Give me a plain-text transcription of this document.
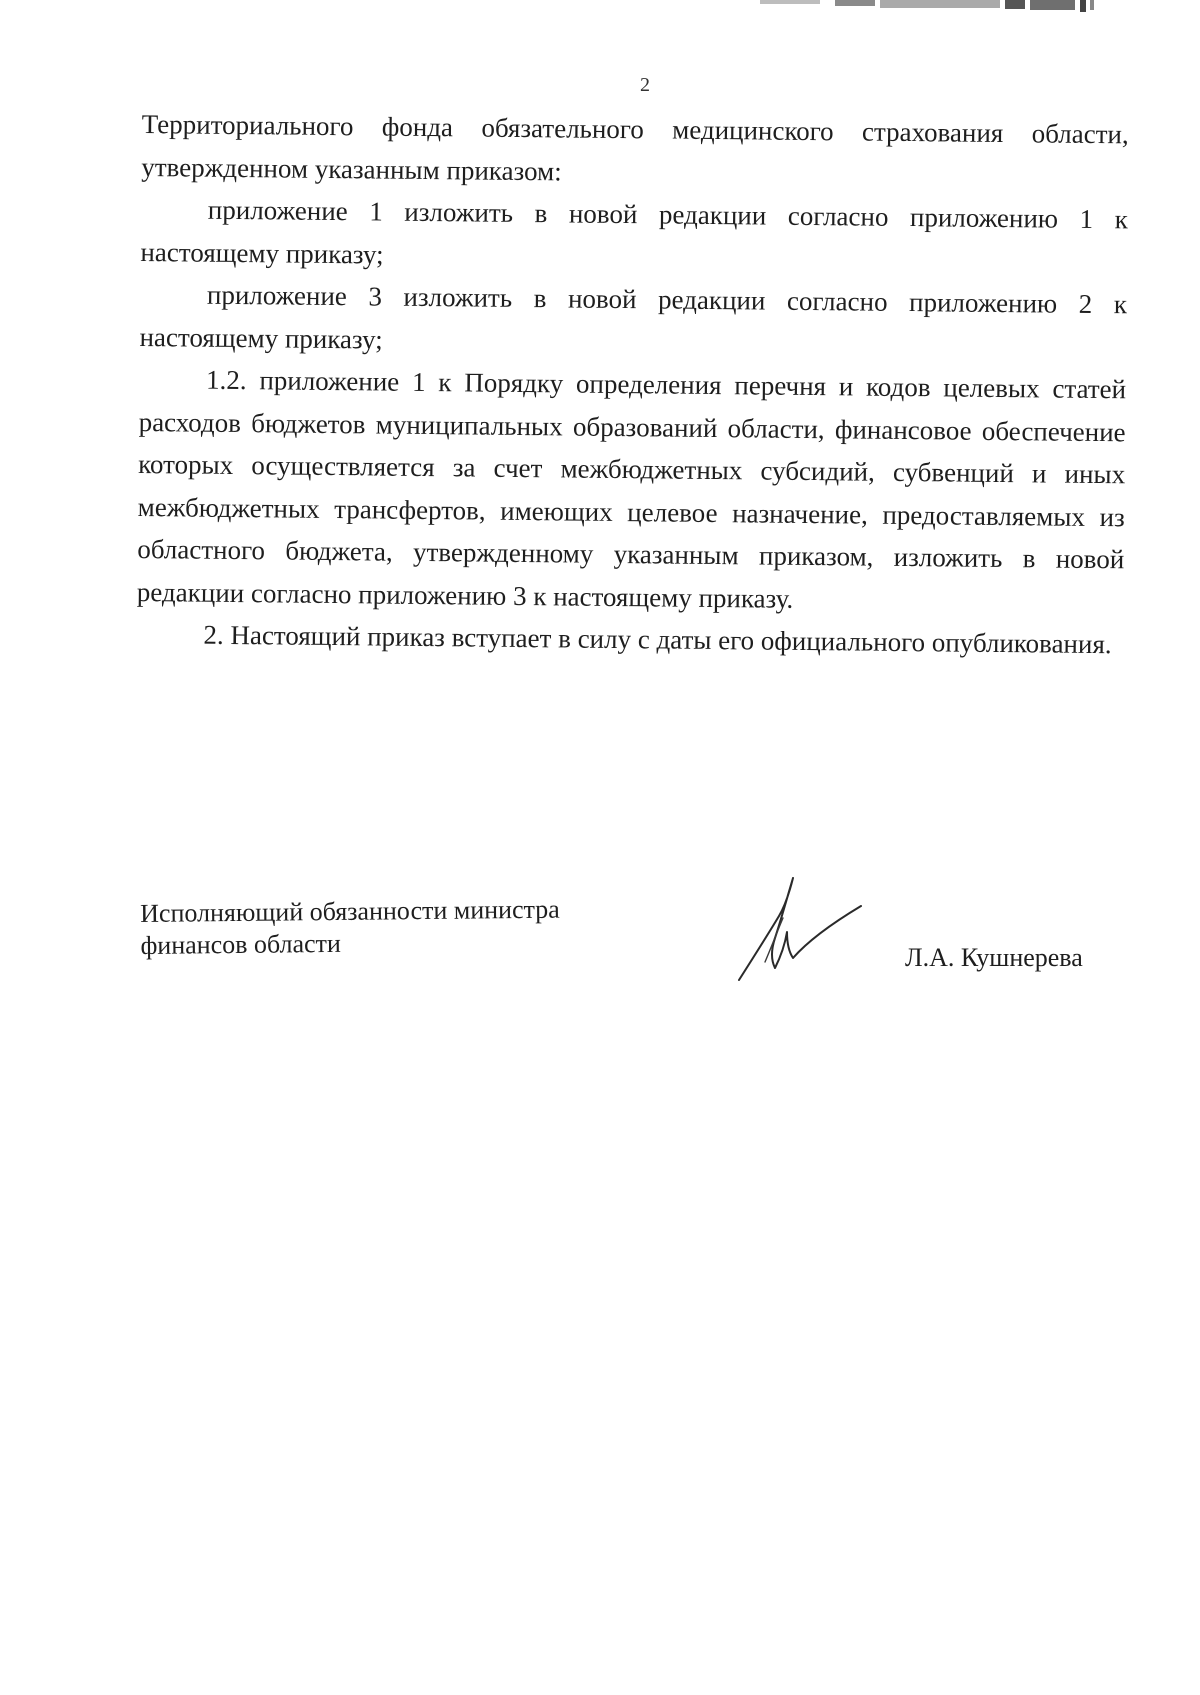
2

Территориального фонда обязательного медицинского страхования области, утвержденном указанным приказом:

приложение 1 изложить в новой редакции согласно приложению 1 к настоящему приказу;

приложение 3 изложить в новой редакции согласно приложению 2 к настоящему приказу;

1.2. приложение 1 к Порядку определения перечня и кодов целевых статей расходов бюджетов муниципальных образований области, финансовое обеспечение которых осуществляется за счет межбюджетных субсидий, субвенций и иных межбюджетных трансфертов, имеющих целевое назначение, предоставляемых из областного бюджета, утвержденному указанным приказом, изложить в новой редакции согласно приложению 3 к настоящему приказу.

2. Настоящий приказ вступает в силу с даты его официального опубликования.

Исполняющий обязанности министра
финансов области	Л.А. Кушнерева
